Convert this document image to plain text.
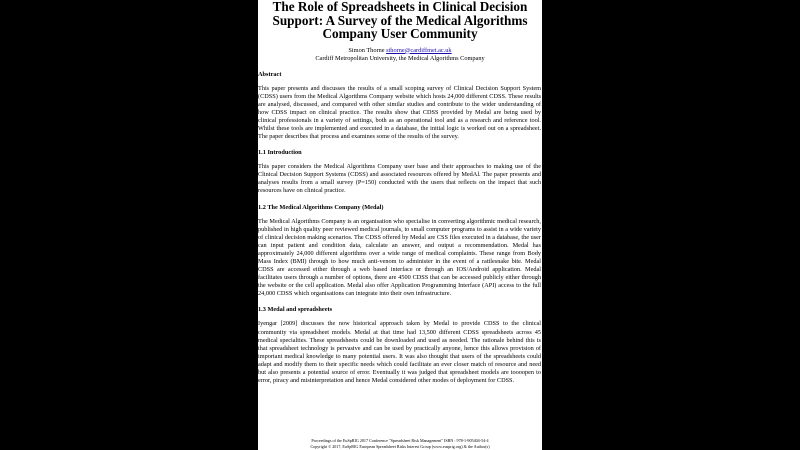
The Role of Spreadsheets in Clinical Decision Support: A Survey of the Medical Algorithms Company User Community
Simon Thorne sthorne@cardiffmet.ac.uk
Cardiff Metropolitan University, the Medical Algorithms Company
Abstract

This paper presents and discusses the results of a small scoping survey of Clinical Decision Support System (CDSS) users from the Medical Algorithms Company website which hosts 24,000 different CDSS. These results are analysed, discussed, and compared with other similar studies and contribute to the wider understanding of how CDSS impact on clinical practice. The results show that CDSS provided by Medal are being used by clinical professionals in a variety of settings, both as an operational tool and as a research and reference tool. Whilst these tools are implemented and executed in a database, the initial logic is worked out on a spreadsheet. The paper describes that process and examines some of the results of the survey.

1.1 Introduction

This paper considers the Medical Algorithms Company user base and their approaches to making use of the Clinical Decision Support Systems (CDSS) and associated resources offered by MedAl. The paper presents and analyses results from a small survey (P=150) conducted with the users that reflects on the impact that such resources have on clinical practice.

1.2 The Medical Algorithms Company (Medal)

The Medical Algorithms Company is an organisation who specialise in converting algorithmic medical research, published in high quality peer reviewed medical journals, to small computer programs to assist in a wide variety of clinical decision making scenarios. The CDSS offered by Medal are CSS files executed in a database, the user can input patient and condition data, calculate an answer, and output a recommendation. Medal has approximately 24,000 different algorithms over a wide range of medical complaints. These range from Body Mass Index (BMI) through to how much anti-venom to administer in the event of a rattlesnake bite. Medal CDSS are accessed either through a web based interface or through an IOS/Android application. Medal facilitates users through a number of options, there are 4500 CDSS that can be accessed publicly either through the website or the cell application. Medal also offer Application Programming Interface (API) access to the full 24,000 CDSS which organisations can integrate into their own infrastructure.

1.3 Medal and spreadsheets

Iyengar [2009] discusses the now historical approach taken by Medal to provide CDSS to the clinical community via spreadsheet models. Medal at that time had 13,500 different CDSS spreadsheets across 45 medical specialties. These spreadsheets could be downloaded and used as needed. The rationale behind this is that spreadsheet technology is pervasive and can be used by practically anyone, hence this allows provision of important medical knowledge to many potential users. It was also thought that users of the spreadsheets could adapt and modify them to their specific needs which could facilitate an ever closer match of resource and need but also presents a potential source of error. Eventually it was judged that spreadsheet models are toooopen to error, piracy and misinterpretation and hence Medal considered other modes of deployment for CDSS.

Proceedings of the EuSpRIG 2017 Conference "Spreadsheet Risk Management" ISBN : 978-1-905404-54-4
Copyright © 2017, EuSpRIG European Spreadsheet Risks Interest Group (www.eusprig.org) & the Author(s)
